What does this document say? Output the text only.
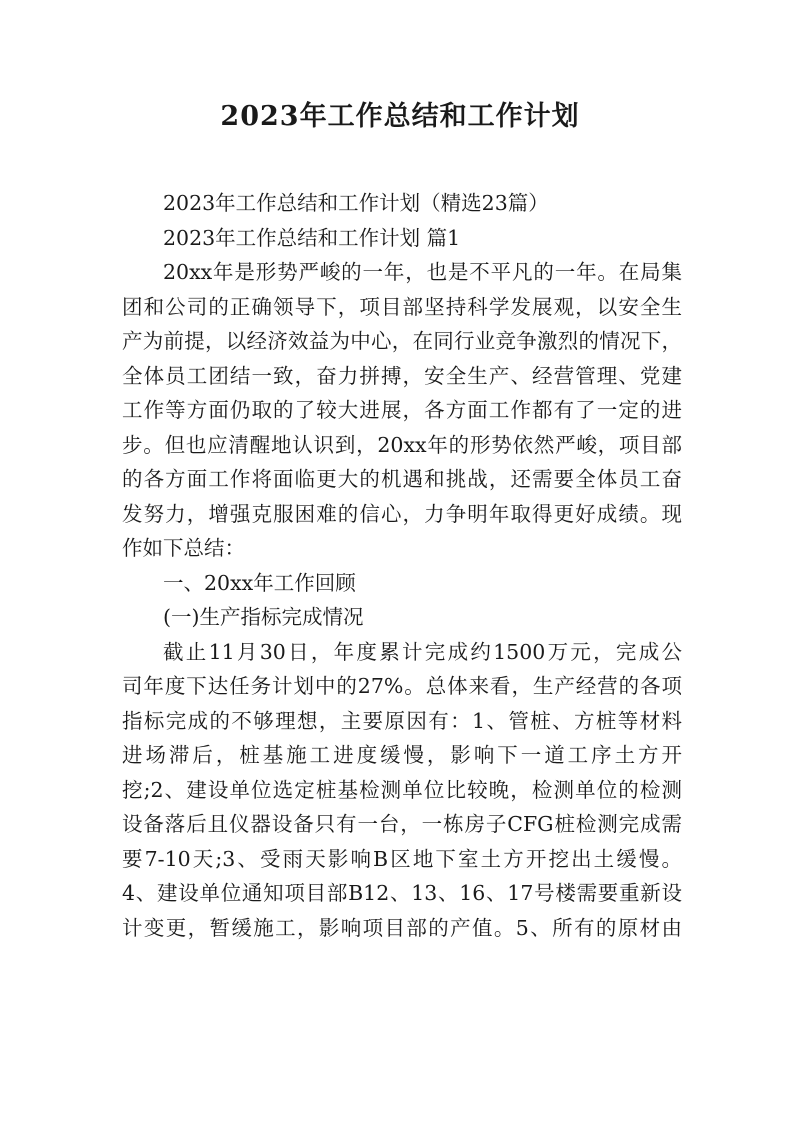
2023年工作总结和工作计划

2023年工作总结和工作计划（精选23篇）

2023年工作总结和工作计划 篇1

20xx年是形势严峻的一年，也是不平凡的一年。在局集
团和公司的正确领导下，项目部坚持科学发展观，以安全生
产为前提，以经济效益为中心，在同行业竞争激烈的情况下，
全体员工团结一致，奋力拼搏，安全生产、经营管理、党建
工作等方面仍取的了较大进展，各方面工作都有了一定的进
步。但也应清醒地认识到，20xx年的形势依然严峻，项目部
的各方面工作将面临更大的机遇和挑战，还需要全体员工奋
发努力，增强克服困难的信心，力争明年取得更好成绩。现
作如下总结：

一、20xx年工作回顾

(一)生产指标完成情况

截止11月30日，年度累计完成约1500万元，完成公
司年度下达任务计划中的27%。总体来看，生产经营的各项
指标完成的不够理想，主要原因有：1、管桩、方桩等材料
进场滞后，桩基施工进度缓慢，影响下一道工序土方开
挖;2、建设单位选定桩基检测单位比较晚，检测单位的检测
设备落后且仪器设备只有一台，一栋房子CFG桩检测完成需
要7-10天;3、受雨天影响B区地下室土方开挖出土缓慢。
4、建设单位通知项目部B12、13、16、17号楼需要重新设
计变更，暂缓施工，影响项目部的产值。5、所有的原材由
